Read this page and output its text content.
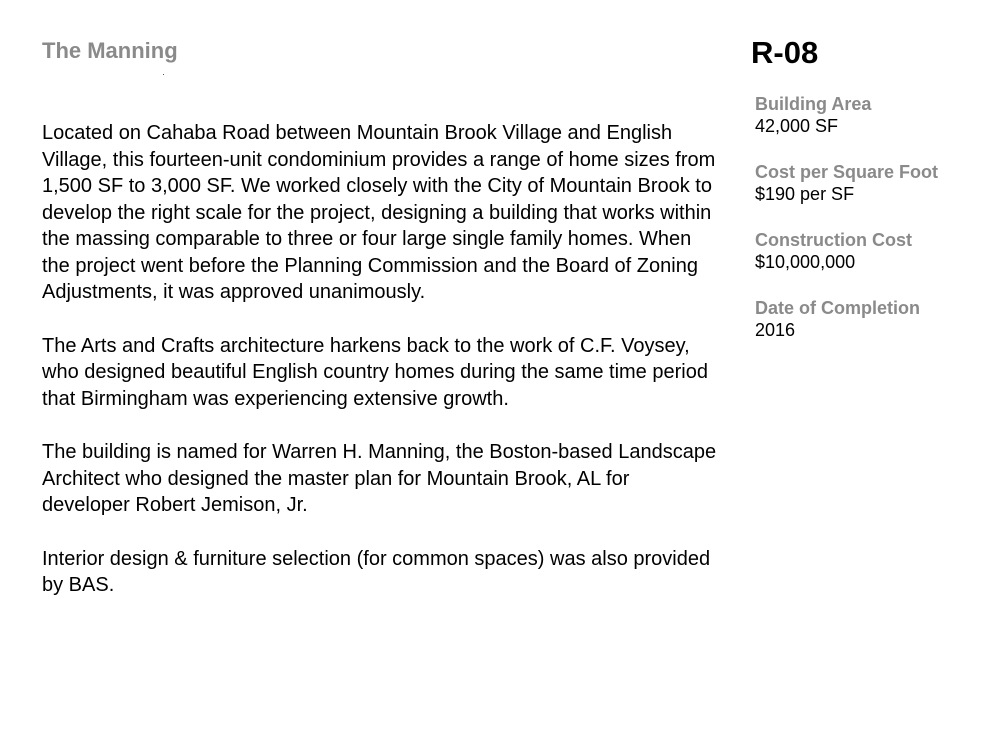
The Manning

Located on Cahaba Road between Mountain Brook Village and English Village, this fourteen-unit condominium provides a range of home sizes from 1,500 SF to 3,000 SF. We worked closely with the City of Mountain Brook to develop the right scale for the project, designing a building that works within the massing comparable to three or four large single family homes. When the project went before the Planning Commission and the Board of Zoning Adjustments, it was approved unanimously.

The Arts and Crafts architecture harkens back to the work of C.F. Voysey, who designed beautiful English country homes during the same time period that Birmingham was experiencing extensive growth.

The building is named for Warren H. Manning, the Boston-based Landscape Architect who designed the master plan for Mountain Brook, AL for developer Robert Jemison, Jr.

Interior design & furniture selection (for common spaces) was also provided by BAS.

R-08
Building Area
42,000 SF
Cost per Square Foot
$190 per SF
Construction Cost
$10,000,000
Date of Completion
2016
